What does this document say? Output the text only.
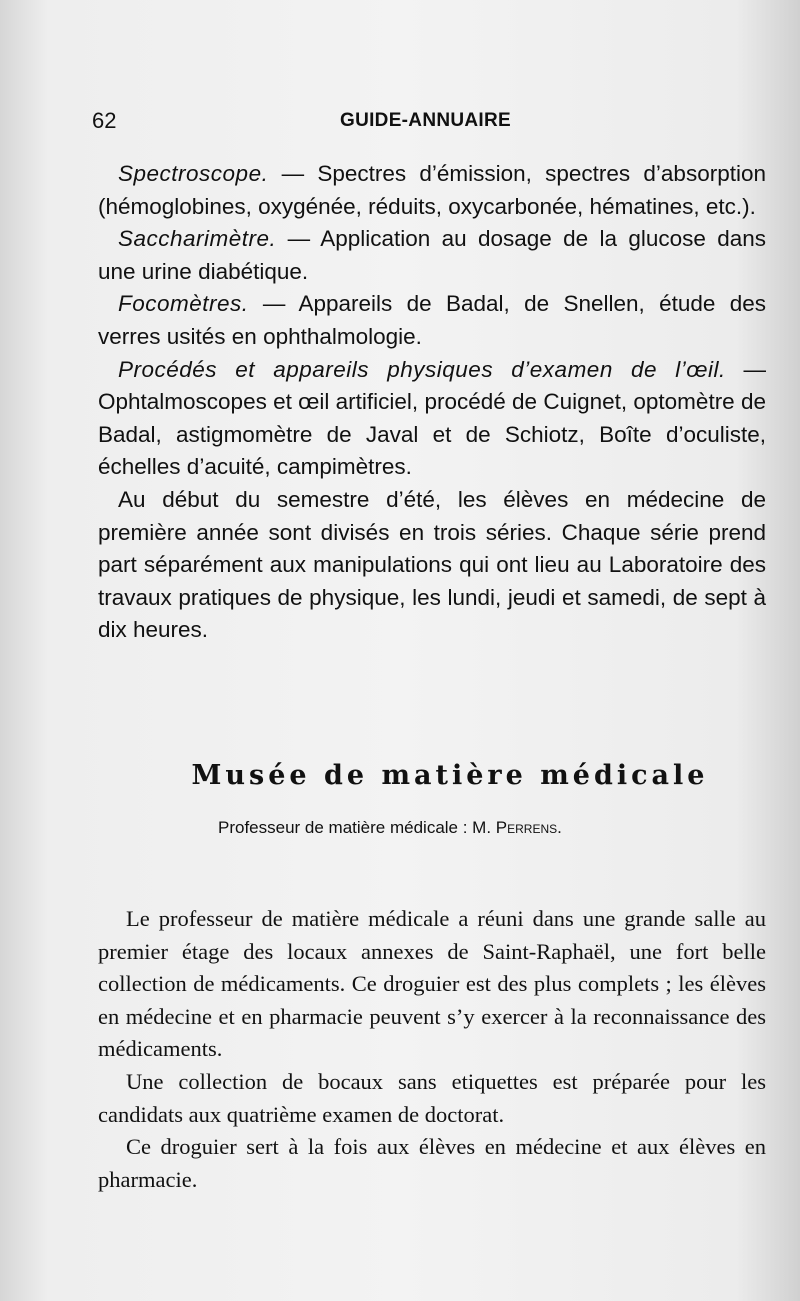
62	GUIDE-ANNUAIRE

Spectroscope. — Spectres d’émission, spectres d’absorption (hémoglobines, oxygénée, réduits, oxycarbonée, hématines, etc.).

Saccharimètre. — Application au dosage de la glucose dans une urine diabétique.

Focomètres. — Appareils de Badal, de Snellen, étude des verres usités en ophthalmologie.

Procédés et appareils physiques d’examen de l’œil. — Ophtalmoscopes et œil artificiel, procédé de Cuignet, optomètre de Badal, astigmomètre de Javal et de Schiotz, Boîte d’oculiste, échelles d’acuité, campimètres.

Au début du semestre d’été, les élèves en médecine de première année sont divisés en trois séries. Chaque série prend part séparément aux manipulations qui ont lieu au Laboratoire des travaux pratiques de physique, les lundi, jeudi et samedi, de sept à dix heures.

Musée de matière médicale
Professeur de matière médicale : M. Perrens.

Le professeur de matière médicale a réuni dans une grande salle au premier étage des locaux annexes de Saint-Raphaël, une fort belle collection de médicaments. Ce droguier est des plus complets ; les élèves en médecine et en pharmacie peuvent s’y exercer à la reconnaissance des médicaments.

Une collection de bocaux sans etiquettes est préparée pour les candidats aux quatrième examen de doctorat.

Ce droguier sert à la fois aux élèves en médecine et aux élèves en pharmacie.
